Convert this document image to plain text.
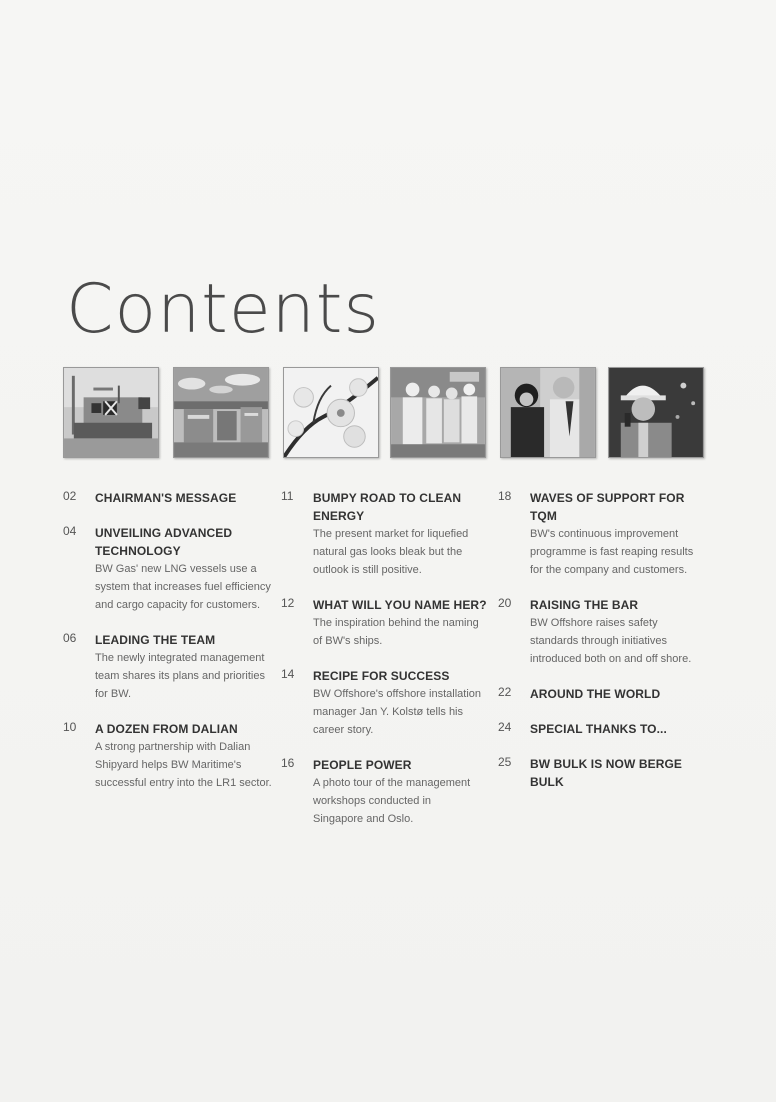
Contents
02 CHAIRMAN'S MESSAGE
04 UNVEILING ADVANCED TECHNOLOGY
BW Gas' new LNG vessels use a system that increases fuel efficiency and cargo capacity for customers.
06 LEADING THE TEAM
The newly integrated management team shares its plans and priorities for BW.
10 A DOZEN FROM DALIAN
A strong partnership with Dalian Shipyard helps BW Maritime's successful entry into the LR1 sector.
11 BUMPY ROAD TO CLEAN ENERGY
The present market for liquefied natural gas looks bleak but the outlook is still positive.
12 WHAT WILL YOU NAME HER?
The inspiration behind the naming of BW's ships.
14 RECIPE FOR SUCCESS
BW Offshore's offshore installation manager Jan Y. Kolstø tells his career story.
16 PEOPLE POWER
A photo tour of the management workshops conducted in Singapore and Oslo.
18 WAVES OF SUPPORT FOR TQM
BW's continuous improvement programme is fast reaping results for the company and customers.
20 RAISING THE BAR
BW Offshore raises safety standards through initiatives introduced both on and off shore.
22 AROUND THE WORLD
24 SPECIAL THANKS TO...
25 BW BULK IS NOW BERGE BULK
